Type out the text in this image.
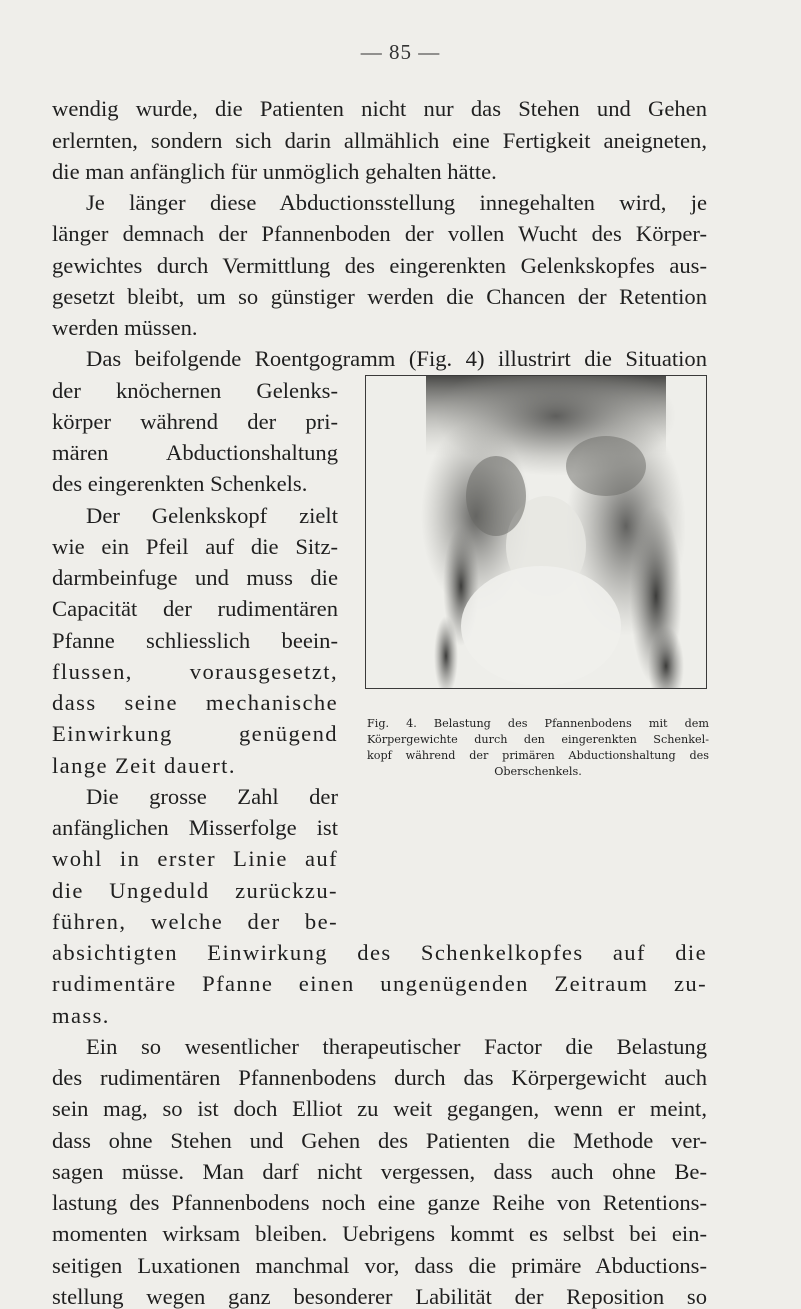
— 85 —
wendig wurde, die Patienten nicht nur das Stehen und Gehen
erlernten, sondern sich darin allmählich eine Fertigkeit aneigneten,
die man anfänglich für unmöglich gehalten hätte.
Je länger diese Abductionsstellung innegehalten wird, je
länger demnach der Pfannenboden der vollen Wucht des Körper-
gewichtes durch Vermittlung des eingerenkten Gelenkskopfes aus-
gesetzt bleibt, um so günstiger werden die Chancen der Retention
werden müssen.
Das beifolgende Roentgogramm (Fig. 4) illustrirt die Situation
der knöchernen Gelenks-
körper während der pri-
mären Abductionshaltung
des eingerenkten Schenkels.
Der Gelenkskopf zielt
wie ein Pfeil auf die Sitz-
darmbeinfuge und muss die
Capacität der rudimentären
Pfanne schliesslich beein-
flussen, vorausgesetzt,
dass seine mechanische
Einwirkung genügend
lange Zeit dauert.
Die grosse Zahl der
anfänglichen Misserfolge ist
wohl in erster Linie auf
die Ungeduld zurückzu-
führen, welche der be-
absichtigten Einwirkung des Schenkelkopfes auf die
rudimentäre Pfanne einen ungenügenden Zeitraum zu-
mass.
Ein so wesentlicher therapeutischer Factor die Belastung
des rudimentären Pfannenbodens durch das Körpergewicht auch
sein mag, so ist doch Elliot zu weit gegangen, wenn er meint,
dass ohne Stehen und Gehen des Patienten die Methode ver-
sagen müsse. Man darf nicht vergessen, dass auch ohne Be-
lastung des Pfannenbodens noch eine ganze Reihe von Retentions-
momenten wirksam bleiben. Uebrigens kommt es selbst bei ein-
seitigen Luxationen manchmal vor, dass die primäre Abductions-
stellung wegen ganz besonderer Labilität der Reposition so
Fig. 4. Belastung des Pfannenbodens mit dem
Körpergewichte durch den eingerenkten Schenkel-
kopf während der primären Abductionshaltung des
Oberschenkels.
